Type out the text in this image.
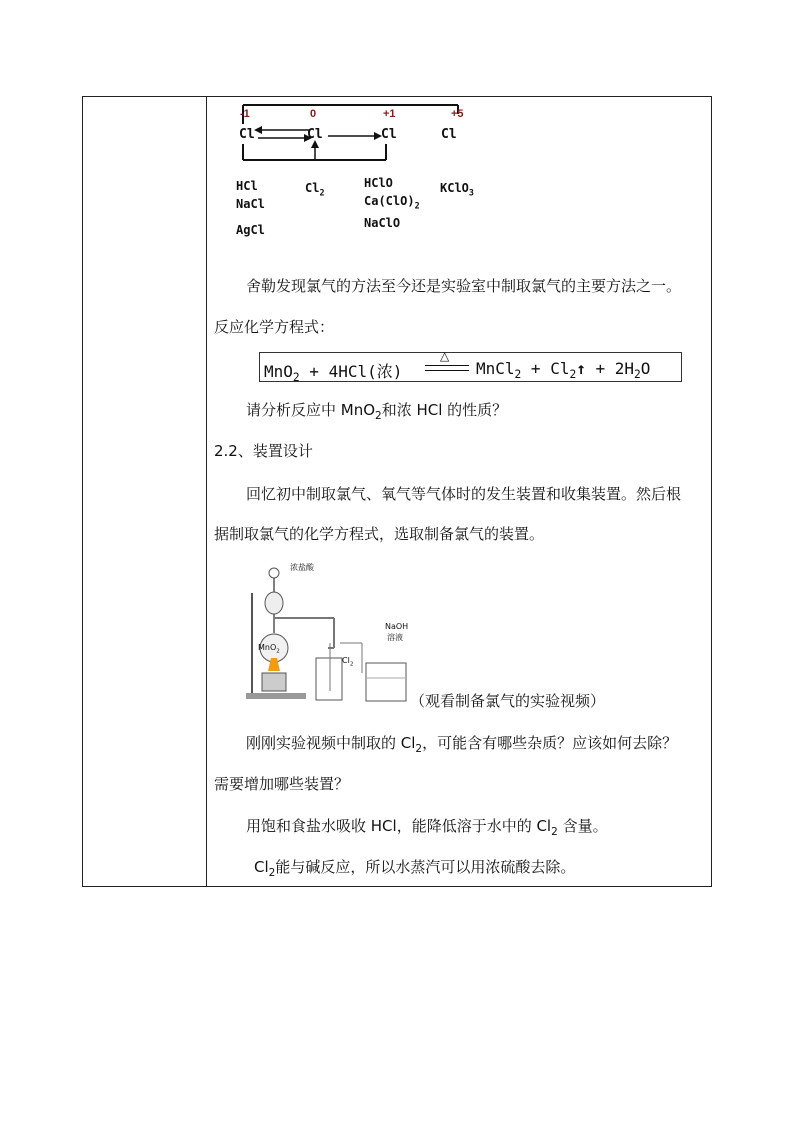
-1	0	+1	+5
Cl	Cl	Cl	Cl
HCl
NaCl
AgCl
$Cl_2$
HClO
$Ca(ClO)_2$
NaClO
KClO$_3$
舍勒发现氯气的方法至今还是实验室中制取氯气的主要方法之一。
反应化学方程式：
MnO$_2$ + 4HCl(浓)
△
MnCl$_2$ + $Cl_2↑ + 2H_2O$
请分析反应中 MnO$_2$和浓 HCl 的性质？
2.2、装置设计
回忆初中制取氯气、氧气等气体时的发生装置和收集装置。然后根
据制取氯气的化学方程式，选取制备氯气的装置。
浓盐酸
MnO$_2$
$Cl_2$
NaOH
溶液
（观看制备氯气的实验视频）
刚刚实验视频中制取的 $Cl_2$，可能含有哪些杂质？应该如何去除？
需要增加哪些装置？
用饱和食盐水吸收 HCl，能降低溶于水中的 $Cl_2$ 含量。
$Cl_2$能与碱反应，所以水蒸汽可以用浓硫酸去除。
